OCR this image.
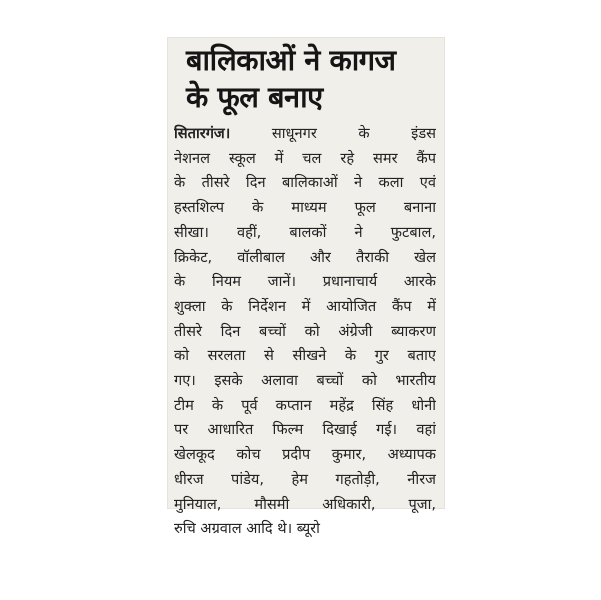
बालिकाओं ने कागज
के फूल बनाए
सितारगंज। साधूनगर के इंडस
नेशनल स्कूल में चल रहे समर कैंप
के तीसरे दिन बालिकाओं ने कला एवं
हस्तशिल्प के माध्यम फूल बनाना
सीखा। वहीं, बालकों ने फुटबाल,
क्रिकेट, वॉलीबाल और तैराकी खेल
के नियम जानें। प्रधानाचार्य आरके
शुक्ला के निर्देशन में आयोजित कैंप में
तीसरे दिन बच्चों को अंग्रेजी ब्याकरण
को सरलता से सीखने के गुर बताए
गए। इसके अलावा बच्चों को भारतीय
टीम के पूर्व कप्तान महेंद्र सिंह धोनी
पर आधारित फिल्म दिखाई गई। वहां
खेलकूद कोच प्रदीप कुमार, अध्यापक
धीरज पांडेय, हेम गहतोड़ी, नीरज
मुनियाल, मौसमी अधिकारी, पूजा,
रुचि अग्रवाल आदि थे। ब्यूरो
